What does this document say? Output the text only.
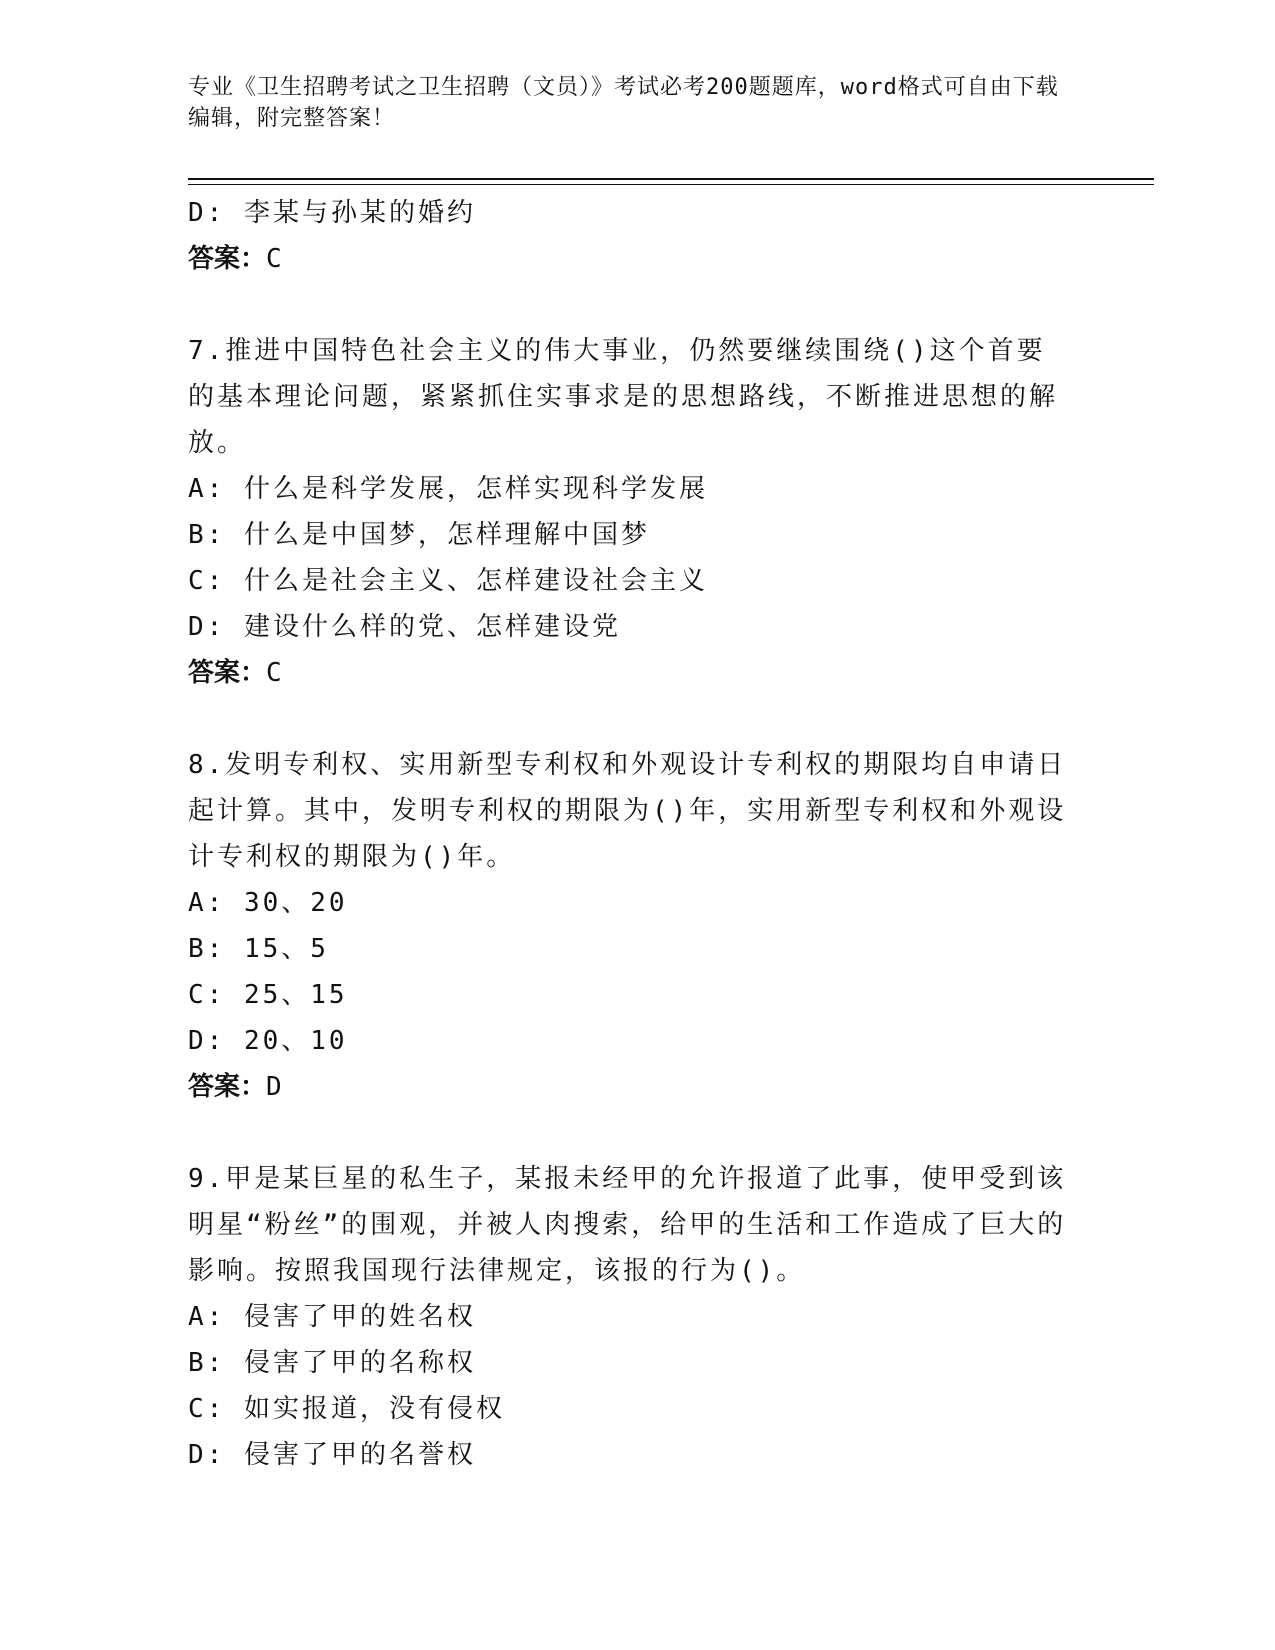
专业《卫生招聘考试之卫生招聘（文员）》考试必考200题题库，word格式可自由下载编辑，附完整答案！

D: 李某与孙某的婚约

答案：C

7.推进中国特色社会主义的伟大事业，仍然要继续围绕()这个首要的基本理论问题，紧紧抓住实事求是的思想路线，不断推进思想的解放。

A: 什么是科学发展，怎样实现科学发展

B: 什么是中国梦，怎样理解中国梦

C: 什么是社会主义、怎样建设社会主义

D: 建设什么样的党、怎样建设党

答案：C

8.发明专利权、实用新型专利权和外观设计专利权的期限均自申请日起计算。其中，发明专利权的期限为()年，实用新型专利权和外观设计专利权的期限为()年。

A: 30、20

B: 15、5

C: 25、15

D: 20、10

答案：D

9.甲是某巨星的私生子，某报未经甲的允许报道了此事，使甲受到该明星“粉丝”的围观，并被人肉搜索，给甲的生活和工作造成了巨大的影响。按照我国现行法律规定，该报的行为()。

A: 侵害了甲的姓名权

B: 侵害了甲的名称权

C: 如实报道，没有侵权

D: 侵害了甲的名誉权
